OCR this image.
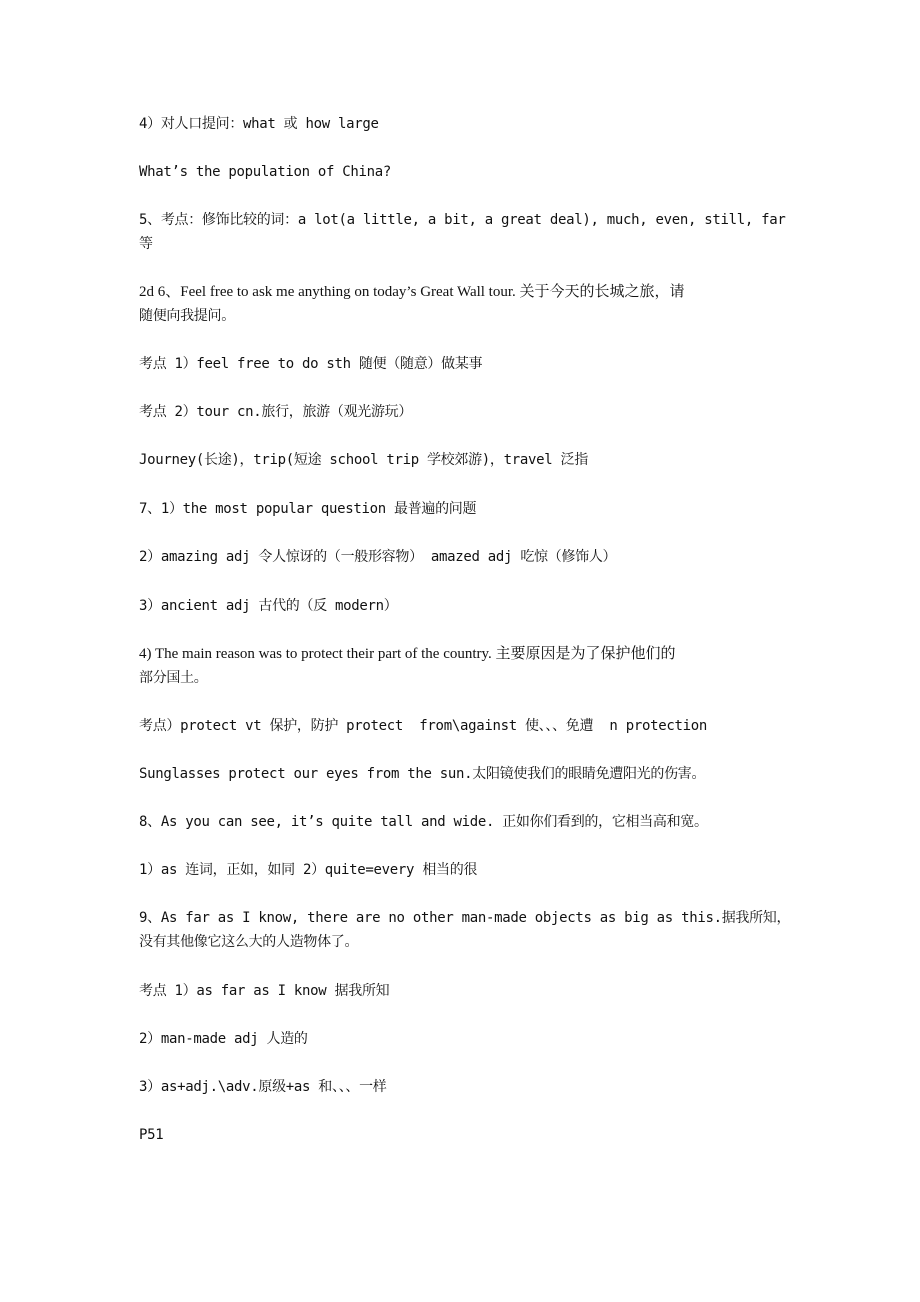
4）对人口提问：what 或 how large
What’s the population of China?
5、考点：修饰比较的词：a lot(a little, a bit, a great deal), much, even, still, far
等
2d 6、Feel free to ask me anything on today’s Great Wall tour. 关于今天的长城之旅，请
随便向我提问。
考点 1）feel free to do sth 随便（随意）做某事
考点 2）tour cn.旅行，旅游（观光游玩）
Journey(长途)，trip(短途 school trip 学校郊游)，travel 泛指
7、1）the most popular question 最普遍的问题
2）amazing adj 令人惊讶的（一般形容物） amazed adj 吃惊（修饰人）
3）ancient adj 古代的（反 modern）
4) The main reason was to protect their part of the country. 主要原因是为了保护他们的
部分国土。
考点）protect vt 保护，防护 protect  from\against 使、、、免遭  n protection
Sunglasses protect our eyes from the sun.太阳镜使我们的眼睛免遭阳光的伤害。
8、As you can see, it’s quite tall and wide. 正如你们看到的，它相当高和宽。
1）as 连词，正如，如同 2）quite=every 相当的很
9、As far as I know, there are no other man-made objects as big as this.据我所知，
没有其他像它这么大的人造物体了。
考点 1）as far as I know 据我所知
2）man-made adj 人造的
3）as+adj.\adv.原级+as 和、、、一样
P51
